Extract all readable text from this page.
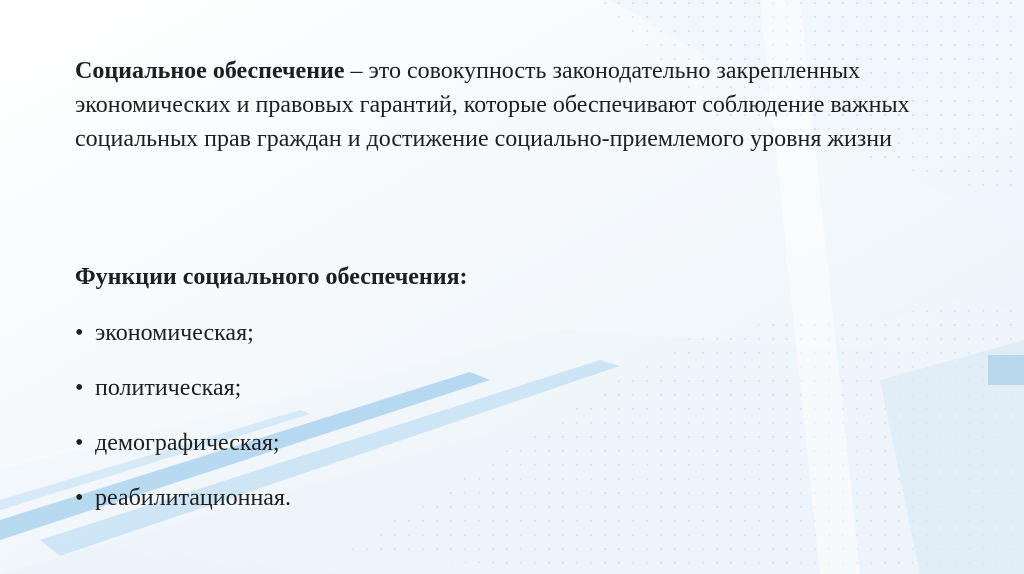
Социальное обеспечение – это совокупность законодательно закрепленных экономических и правовых гарантий, которые обеспечивают соблюдение важных социальных прав граждан и достижение социально-приемлемого уровня жизни

Функции социального обеспечения:

• экономическая;
• политическая;
• демографическая;
• реабилитационная.
